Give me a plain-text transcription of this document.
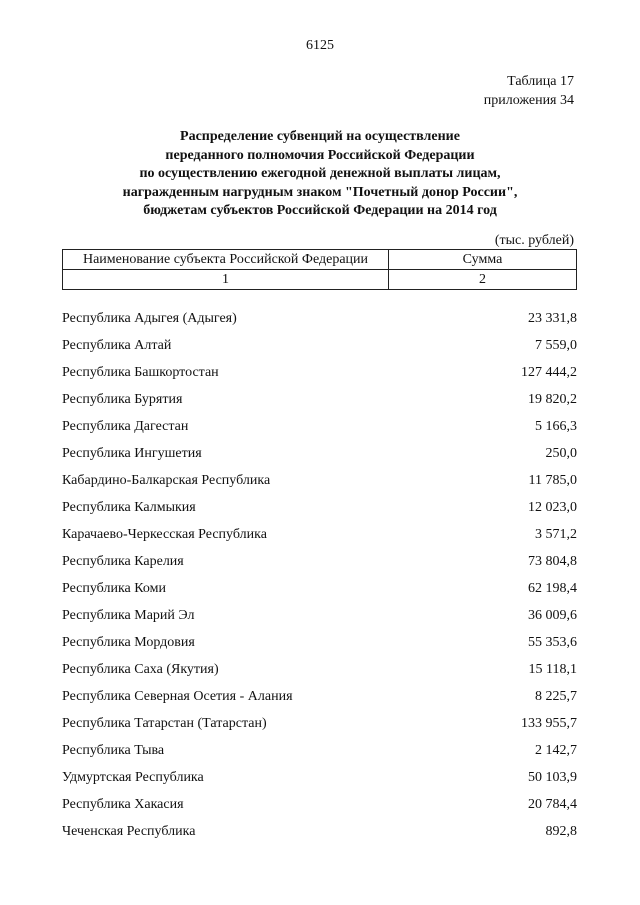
6125
Таблица 17
приложения 34
Распределение субвенций на осуществление
переданного полномочия Российской Федерации
по осуществлению ежегодной денежной выплаты лицам,
награжденным нагрудным знаком "Почетный донор России",
бюджетам субъектов Российской Федерации на 2014 год
(тыс. рублей)
Наименование субъекта Российской Федерации	Сумма
1	2
Республика Адыгея (Адыгея)	23 331,8
Республика Алтай	7 559,0
Республика Башкортостан	127 444,2
Республика Бурятия	19 820,2
Республика Дагестан	5 166,3
Республика Ингушетия	250,0
Кабардино-Балкарская Республика	11 785,0
Республика Калмыкия	12 023,0
Карачаево-Черкесская Республика	3 571,2
Республика Карелия	73 804,8
Республика Коми	62 198,4
Республика Марий Эл	36 009,6
Республика Мордовия	55 353,6
Республика Саха (Якутия)	15 118,1
Республика Северная Осетия - Алания	8 225,7
Республика Татарстан (Татарстан)	133 955,7
Республика Тыва	2 142,7
Удмуртская Республика	50 103,9
Республика Хакасия	20 784,4
Чеченская Республика	892,8
